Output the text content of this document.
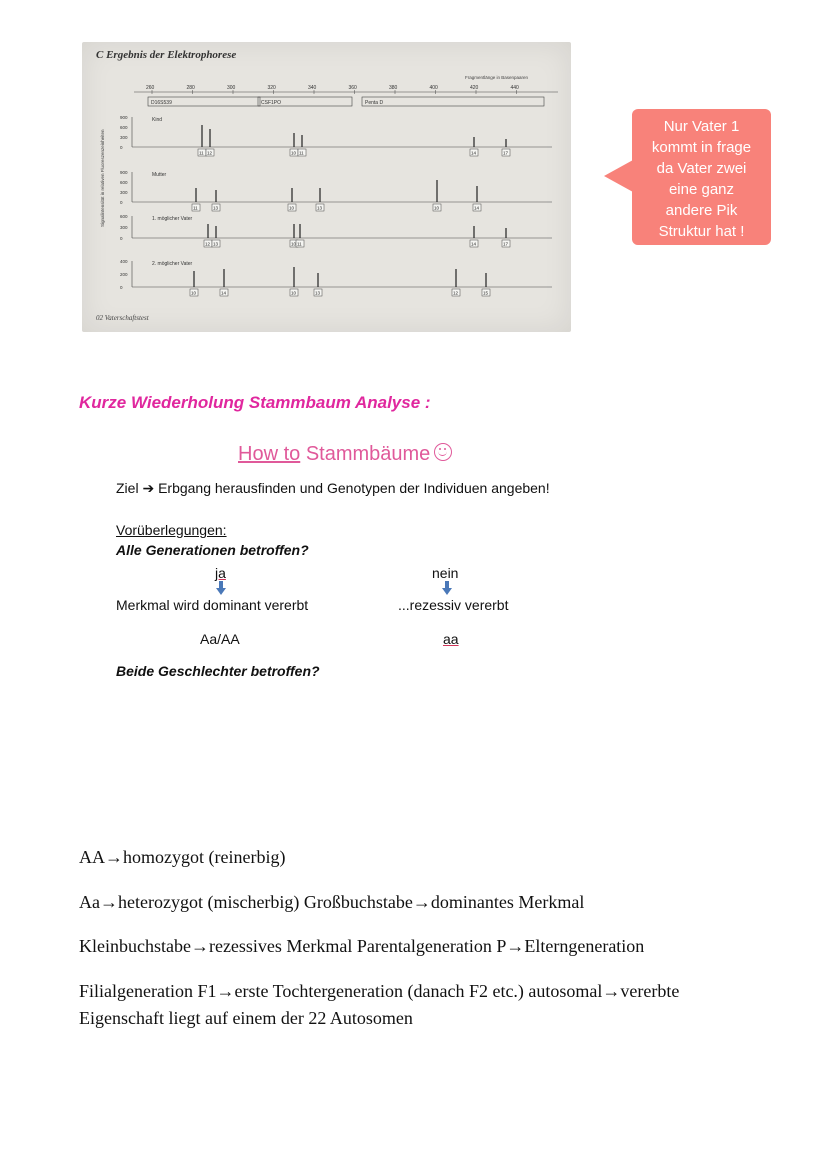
C Ergebnis der Elektrophorese
Fragmentlänge in Basenpaaren
260	280	300	320	340	360	380	400	420	440
D16S539	CSF1PO	Penta D
Signalintensität in relativen Fluoreszenzeinheiten
900
600
300
0
Kind
11 12	10 11	14	17
900
600
300
0
Mutter
11	13	10	13	10	14
600
300
0
1. möglicher Vater
12 13	10 11	14	17
400
200
0
2. möglicher Vater
10	14	10	13	12	15
02 Vaterschaftstest
Nur Vater 1
kommt in frage
da Vater zwei
eine ganz
andere Pik
Struktur hat !
Kurze Wiederholung Stammbaum Analyse :
How to Stammbäume
Ziel ➔ Erbgang herausfinden und Genotypen der Individuen angeben!
Vorüberlegungen:
Alle Generationen betroffen?
ja	nein
Merkmal wird dominant vererbt	...rezessiv vererbt
Aa/AA	aa
Beide Geschlechter betroffen?
AA→homozygot (reinerbig)
Aa→heterozygot (mischerbig) Großbuchstabe→dominantes Merkmal
Kleinbuchstabe→rezessives Merkmal Parentalgeneration P→Elterngeneration
Filialgeneration F1→erste Tochtergeneration (danach F2 etc.) autosomal→vererbte
Eigenschaft liegt auf einem der 22 Autosomen
